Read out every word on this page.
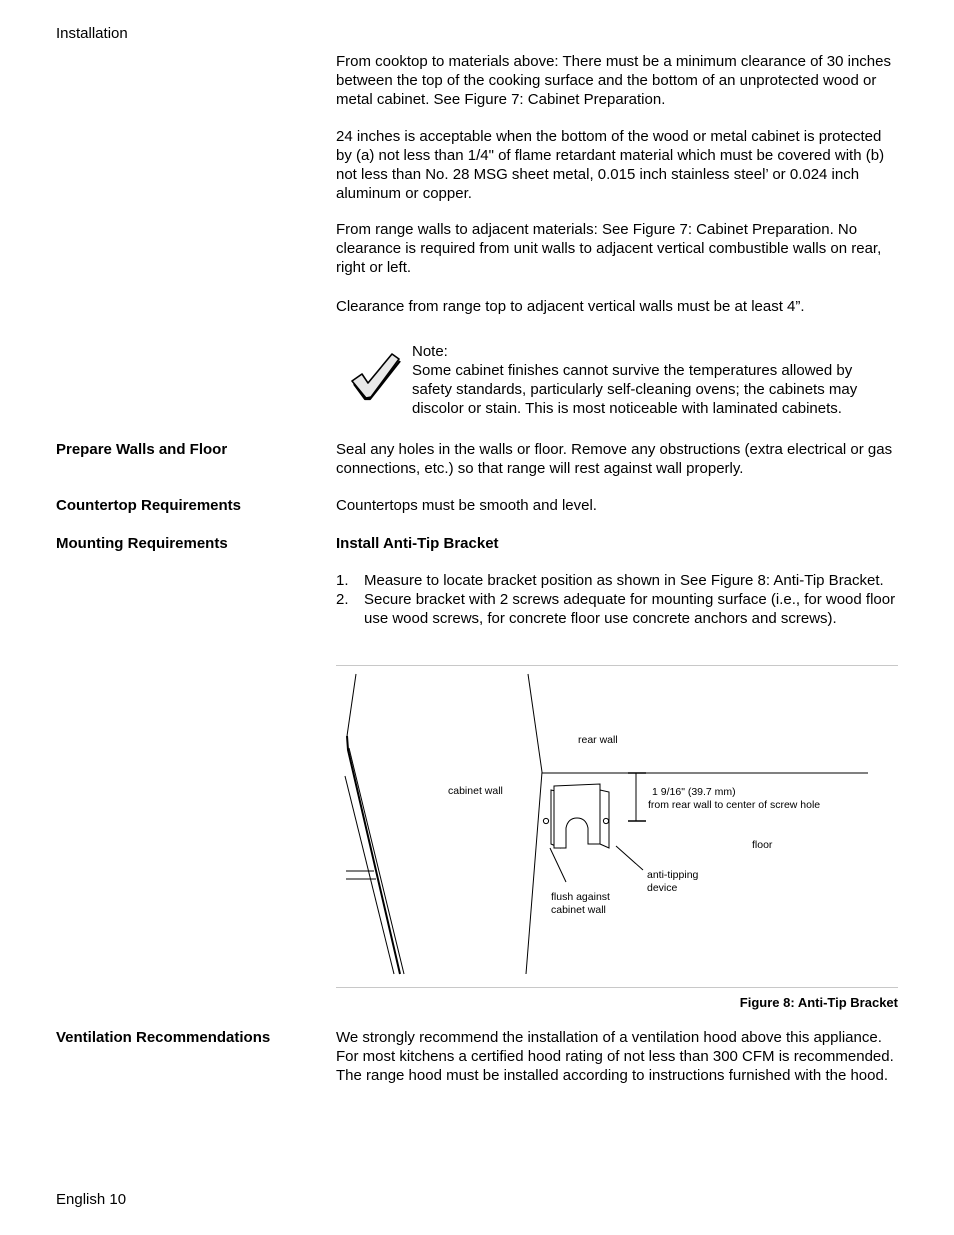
Installation

From cooktop to materials above: There must be a minimum clearance of 30 inches between the top of the cooking surface and the bottom of an unprotected wood or metal cabinet. See Figure 7: Cabinet Preparation.

24 inches is acceptable when the bottom of the wood or metal cabinet is protected by (a) not less than 1/4" of flame retardant material which must be covered with (b) not less than No. 28 MSG sheet metal, 0.015 inch stainless steel’ or 0.024 inch aluminum or copper.

From range walls to adjacent materials: See Figure 7: Cabinet Preparation. No clearance is required from unit walls to adjacent vertical combustible walls on rear, right or left.

Clearance from range top to adjacent vertical walls must be at least 4”.

Note:

Some cabinet finishes cannot survive the temperatures allowed by safety standards, particularly self-cleaning ovens; the cabinets may discolor or stain. This is most noticeable with laminated cabinets.

Prepare Walls and Floor	Seal any holes in the walls or floor. Remove any obstructions (extra electrical or gas connections, etc.) so that range will rest against wall properly.

Countertop Requirements	Countertops must be smooth and level.

Mounting Requirements	Install Anti-Tip Bracket
1. Measure to locate bracket position as shown in See Figure 8: Anti-Tip Bracket.
2. Secure bracket with 2 screws adequate for mounting surface (i.e., for wood floor use wood screws, for concrete floor use concrete anchors and screws).
rear wall
cabinet wall	1 9/16" (39.7 mm)
from rear wall to center of screw hole
floor
anti-tipping
device
flush against
cabinet wall
Figure 8: Anti-Tip Bracket
Ventilation Recommendations	We strongly recommend the installation of a ventilation hood above this appliance. For most kitchens a certified hood rating of not less than 300 CFM is recommended. The range hood must be installed according to instructions furnished with the hood.

English 10
